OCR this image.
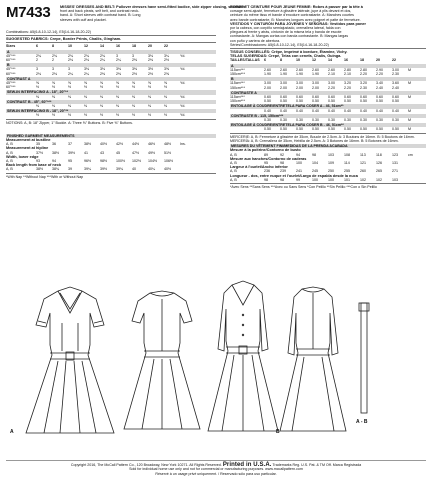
M7433	MISSES' DRESSES AND BELT: Pullover dresses have semi-fitted bodice, side zipper closing, skirt with
front and back pleats, self belt, and contrast neck-
band. A: Short sleeves with contrast band. B: Long
sleeves with cuff and placket.
Combinations: A5(6-8-10-12-14), E5(14-16-18-20-22)
SUGGESTED FABRICS: Crepe, Border Prints, Challis, Gingham.
Sizes	6	8	10	12	14	16	18	20	22
A
45"***	2¾	2¾	2¾	2¾	2¾	3	3	3⅛	3¼	Yd.
60"***	2	2	2⅛	2⅛	2¼	2¼	2⅜	2⅜	2½
B
45"***	3	3	3	3⅛	3⅛	3⅜	3⅜	3½	3⅝	Yd.
60"***	2⅛	2⅛	2¼	2¼	2⅜	2⅜	2½	2½	2⅝
CONTRAST A
45"***	⅝	⅝	⅝	⅝	⅝	⅝	⅝	⅝	⅝	Yd.
60"***	½	½	½	½	½	½	½	½	½
SEW-IN INTERFACING A - 18", 20"**
⅜	⅜	⅜	⅜	⅜	⅜	⅜	⅜	⅜	Yd.
CONTRAST B - 45", 60"***
⅜	⅜	⅜	⅜	⅜	⅜	⅜	⅜	⅜	Yd.
SEW-IN INTERFACING B - 18", 20"**
½	½	½	½	½	½	½	½	½	Yd.
NOTIONS: A, B: 18" Zipper, 1" Buckle. A: Three ⅝" Buttons. B: Five ⅝" Buttons.
FINISHED GARMENT MEASUREMENTS
Measurement at bustline
A, B	35	36	37	38½	40½	42½	44½	46½	48½	Ins.
Measurement at hipline
A, B	37½	38½	39½	41	43	45	47½	49½	51½
Width, lower edge
A, B	93	94	95	96½	98½	100½	102½	104½	106½
Back length from base of neck
A, B	38½	38¾	39	39¼	39½	39¾	40	40¼	40½
*With Nap **Without Nap ***With or Without Nap
ROBES ET CEINTURE POUR JEUNE FEMME: Robes à passer par la tête à
corsage semi-ajusté, fermeture à glissière latérale, jupe à plis devant et dos,
ceinture du même tissu et bande d'encolure contrastante. A: Manches courtes
avec bande contrastante. B: Manches longues avec poignet et patte de fermeture.
VESTIDOS Y CINTURÓN PARA JÓVENES Y SEÑORAS: Vestidos para poner
por la cabeza, con corpiño semiajustado, cremallera lateral, falda con
pliegues al frente y atrás, cinturón de la misma tela y banda de escote
contrastante. A: Mangas cortas con banda contrastante. B: Mangas largas
con puño y cartera de abertura.
Séries/Combinaciones: A5(6-8-10-12-14), E5(14-16-18-20-22)
TISSUS CONSEILLÉS: Crêpe, Imprimé à bordure, Étamine, Vichy.
TELAS SUGERIDAS: Crepé, Telas con cenefa, Chalís, Guinga.
TAILLES/TALLAS	6	8	10	12	14	16	18	20	22
A
115cm***	2.60	2.60	2.60	2.60	2.60	2.80	2.80	2.90	3.00	M
150cm***	1.90	1.90	1.90	1.90	2.10	2.10	2.20	2.20	2.30
B
115cm***	3.00	3.00	3.00	3.00	3.00	3.20	3.20	3.40	3.60	M
150cm***	2.00	2.00	2.00	2.00	2.20	2.20	2.30	2.40	2.40
CONTRASTE A
115cm***	0.60	0.60	0.60	0.60	0.60	0.60	0.60	0.60	0.60	M
150cm***	0.50	0.50	0.50	0.50	0.50	0.50	0.50	0.50	0.50
ENTOILAGE À COUDRE/ENTRETELA PARA COSER A - 46, 51cm**
0.40	0.40	0.40	0.40	0.40	0.40	0.40	0.40	0.40	M
CONTRASTE B - 115, 150cm***
0.30	0.30	0.30	0.30	0.30	0.30	0.30	0.30	0.30	M
ENTOILAGE À COUDRE/ENTRETELA PARA COSER B - 46, 51cm**
0.50	0.50	0.50	0.50	0.50	0.50	0.50	0.50	0.50	M
MERCERIE: A, B: Fermeture à glissière de 35cm, Boucle de 2.5cm. A: 3 Boutons de 16mm. B: 5 Boutons de 16mm.
MERCERÍA: A, B: Cremallera de 35cm, Hebilla de 2.5cm. A: 3 Botones de 16mm. B: 5 Botones de 16mm.
MESURES DU VÊTEMENT FINI/MEDIDAS DE LA PRENDA ACABADA
Mesure à la poitrine/Contorno de busto
A, B	89	92	94	98	103	108	113	118	123	cm
Mesure aux hanches/Contorno de caderas
A, B	95	98	100	104	109	114	121	126	131
Largeur à l'ourlet/Ancho inferior
A, B	236	239	241	245	250	255	260	265	271
Longueur - dos, entre nuque et l'ourlet/Largo de espalda desde la nuca
A, B	98	98	99	100	100	101	102	102	103
*Avec Sens **Sans Sens ***Avec ou Sans Sens *Con Pelillo **Sin Pelillo ***Con o Sin Pelillo
A	B
A - B
Copyright 2016, The McCall Pattern Co., 120 Broadway, New York 10271. All Rights Reserved. Printed in U.S.A. Trademarks Reg. U.S. Pat. & TM Off. Marca Registrada
Sold for individual home use only and not for commercial or manufacturing purposes. www.mccallpattern.com
Réservé à un usage privé uniquement. / Reservado sólo para uso particular.
